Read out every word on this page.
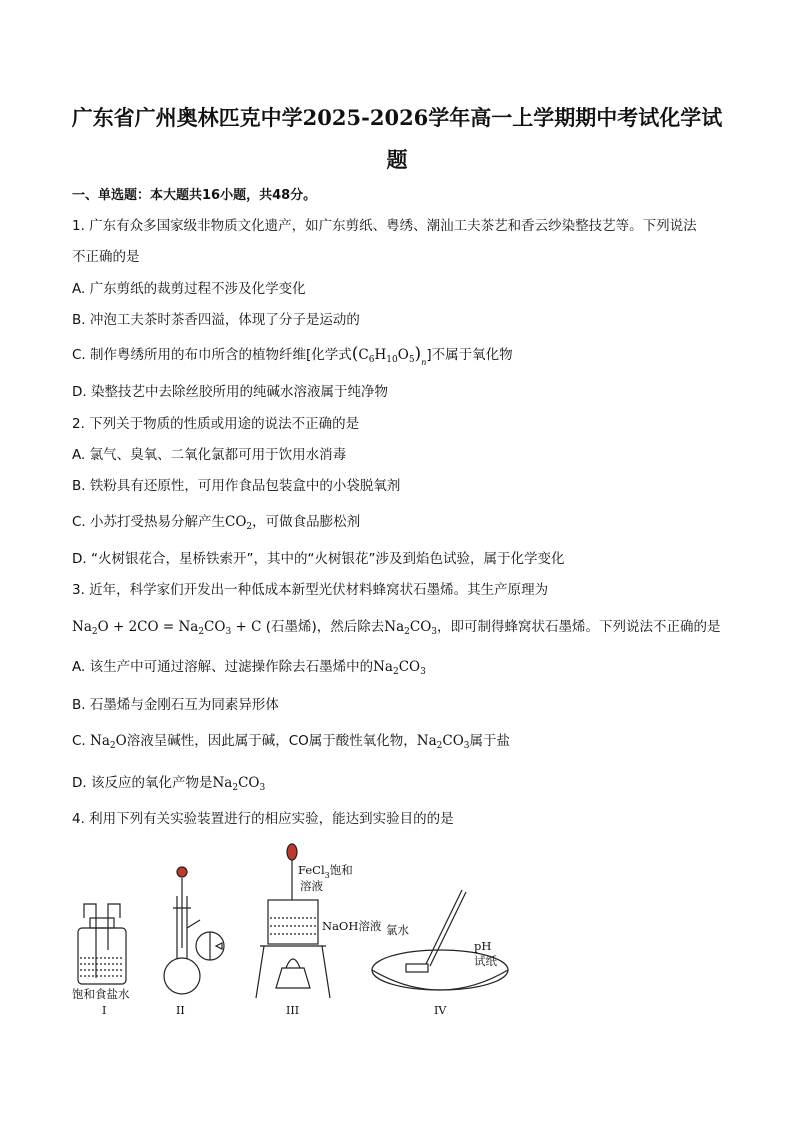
广东省广州奥林匹克中学2025-2026学年高一上学期期中考试化学试
题
一、单选题：本大题共16小题，共48分。
1. 广东有众多国家级非物质文化遗产，如广东剪纸、粤绣、潮汕工夫茶艺和香云纱染整技艺等。下列说法
不正确的是
A. 广东剪纸的裁剪过程不涉及化学变化
B. 冲泡工夫茶时茶香四溢，体现了分子是运动的
C. 制作粤绣所用的布巾所含的植物纤维[化学式$(C_6H_{10}O_5)_n$]不属于氧化物
D. 染整技艺中去除丝胶所用的纯碱水溶液属于纯净物
2. 下列关于物质的性质或用途的说法不正确的是
A. 氯气、臭氧、二氧化氯都可用于饮用水消毒
B. 铁粉具有还原性，可用作食品包装盒中的小袋脱氧剂
C. 小苏打受热易分解产生$CO_2$，可做食品膨松剂
D. “火树银花合，星桥铁索开”，其中的“火树银花”涉及到焰色试验，属于化学变化
3. 近年，科学家们开发出一种低成本新型光伏材料蜂窝状石墨烯。其生产原理为
$Na_2O + 2CO = Na_2CO_3 + C$ (石墨烯)，然后除去$Na_2CO_3$，即可制得蜂窝状石墨烯。下列说法不正确的是
A. 该生产中可通过溶解、过滤操作除去石墨烯中的$Na_2CO_3$
B. 石墨烯与金刚石互为同素异形体
C. $Na_2O$溶液呈碱性，因此属于碱，CO属于酸性氧化物，$Na_2CO_3$属于盐
D. 该反应的氧化产物是$Na_2CO_3$
4. 利用下列有关实验装置进行的相应实验，能达到实验目的的是
饱和食盐水
FeCl$_3$饱和
溶液
NaOH溶液 氯水
pH
试纸
I	II	III	IV
